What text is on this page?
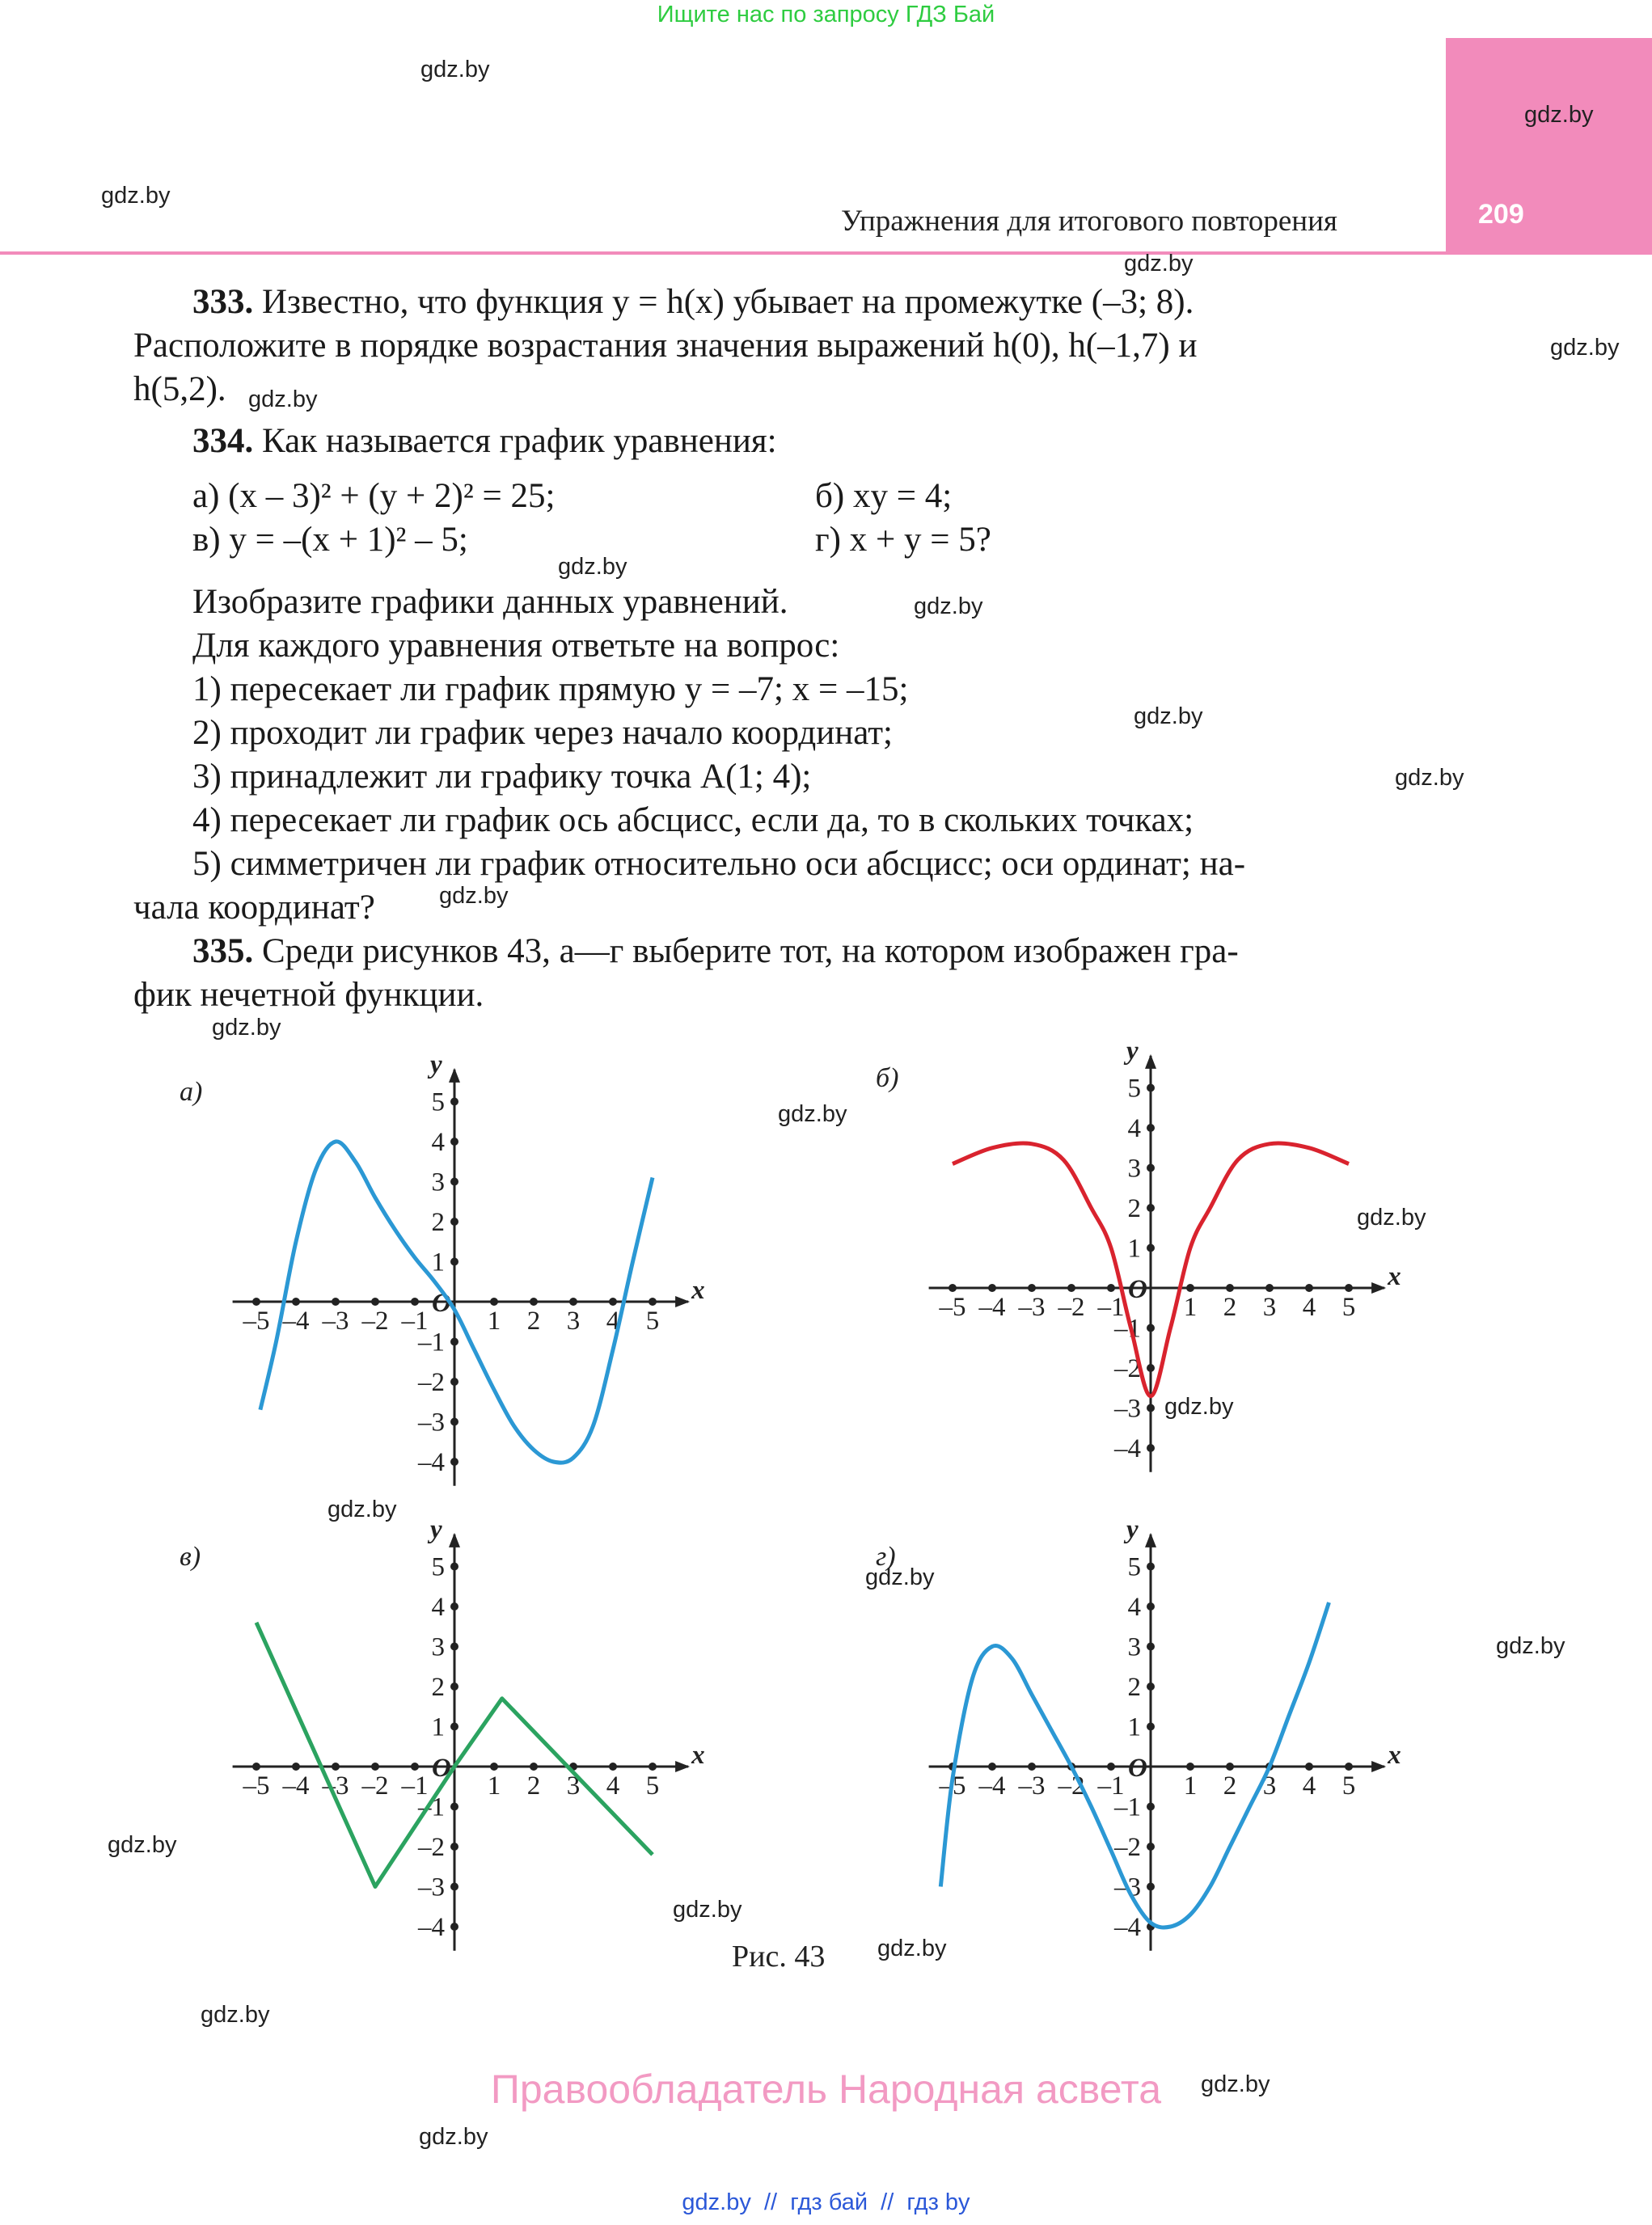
Ищите нас по запросу ГДЗ Бай
209
Упражнения для итогового повторения
gdz.by
gdz.by
gdz.by
gdz.by
gdz.by
gdz.by
gdz.by
gdz.by
gdz.by
gdz.by
gdz.by
gdz.by
gdz.by
gdz.by
gdz.by
gdz.by
gdz.by
gdz.by
gdz.by
gdz.by
gdz.by
gdz.by
gdz.by
gdz.by
333. Известно, что функция y = h(x) убывает на промежутке (–3; 8).
Расположите в порядке возрастания значения выражений h(0), h(–1,7) и
h(5,2).
334. Как называется график уравнения:
а) (x – 3)² + (y + 2)² = 25;	б) xy = 4;
в) y = –(x + 1)² – 5;	г) x + y = 5?
Изобразите графики данных уравнений.
Для каждого уравнения ответьте на вопрос:
1) пересекает ли график прямую y = –7; x = –15;
2) проходит ли график через начало координат;
3) принадлежит ли графику точка A(1; 4);
4) пересекает ли график ось абсцисс, если да, то в скольких точках;
5) симметричен ли график относительно оси абсцисс; оси ординат; на-
чала координат?
335. Среди рисунков 43, а—г выберите тот, на котором изображен гра-
фик нечетной функции.
x
y
O
–5 –4 –3 –2 –1 1 2 3 4 5
5
4
3
2
1
–1
–2
–3
–4
а)
x
y
O
–5 –4 –3 –2 –1 1 2 3 4 5
5
4
3
2
1
–1
–2
–3
–4
б)
x
y
O
–5 –4 –3 –2 –1 1 2 3 4 5
5
4
3
2
1
–1
–2
–3
–4
в)
x
y
O
–5 –4 –3 –2 –1 1 2 3 4 5
5
4
3
2
1
–1
–2
–3
–4
г)
Рис. 43
Правообладатель Народная асвета
gdz.by  //  гдз бай  //  гдз by
